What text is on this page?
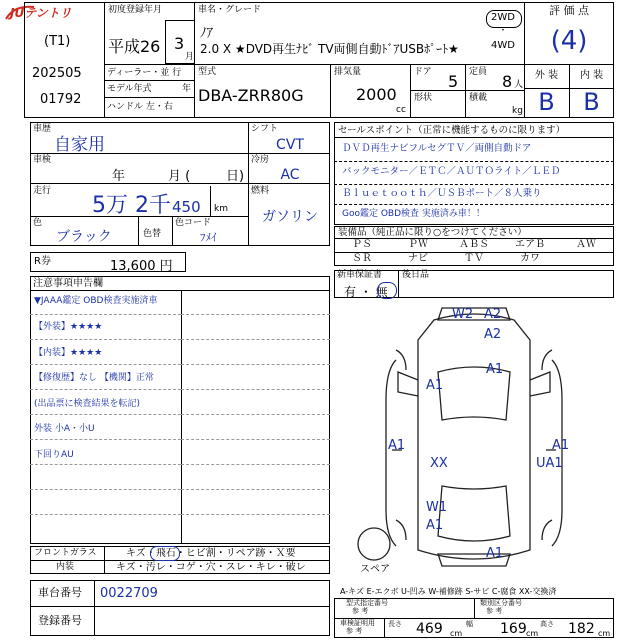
JUテントリ	初度登録年月
(T1)
202505
01792
平成26 3
月
車名・グレード
ﾉｱ
2.0 X ★DVD再生ﾅﾋﾞ TV両側自動ﾄﾞｱUSBﾎﾟｰﾄ★
2WD
・
4WD
評 価 点
(4)
外 装	内 装
B	B
ディーラー・並 行
モデル年式	年
ハンドル 左・右
型式
DBA-ZRR80G
排気量
2000
cc
ドア 5 定員 8 人
形状	積載
kg
車歴
自家用
車検
年	月 (	日)
走行
5万 2千 450 km
色
ブラック	色替
色コード
ﾌﾒｲ
シフト
CVT
冷房
AC
燃料
ガソリン
R券	13,600 円
セールスポイント（正常に機能するものに限ります）
ＤＶＤ再生ナビフルセグＴＶ／両側自動ドア
バックモニター／ＥＴＣ／ＡＵＴＯライト／ＬＥＤ
Ｂｌｕｅｔｏｏｔｈ／ＵＳＢポート／８人乗り
Goo鑑定 OBD検査 実施済み車！！
装備品（純正品に限り○をつけてください）
ＰＳ	ＰＷ	ＡＢＳ	エアＢ	ＡＷ
ＳＲ	ナビ	ＴＶ	カワ
新車保証書
有 ・ 無
後日品
注意事項申告欄
▼JAAA鑑定 OBD検査実施済車
【外装】★★★★
【内装】★★★★
【修復歴】なし 【機関】正常
(出品票に検査結果を転記)
外装 小A・小U
下回りAU
W2 A2
A2
A1
A1
A1	A1
XX	UA1
W1
A1
A1
スペア
フロントガラス	キズ・飛石・ヒビ割・リペア跡・Ｘ要
内装	キズ・汚レ・コゲ・穴・スレ・キレ・破レ
A-キズ E-エクボ U-凹み W-補修跡 S-サビ C-腐食 XX-交換済
車台番号 0022709
登録番号
型式指定番号
参 考
類別区分番号
参 考
車検証明用
参 考
長さ 469 cm
幅 169 cm
高さ 182 cm
